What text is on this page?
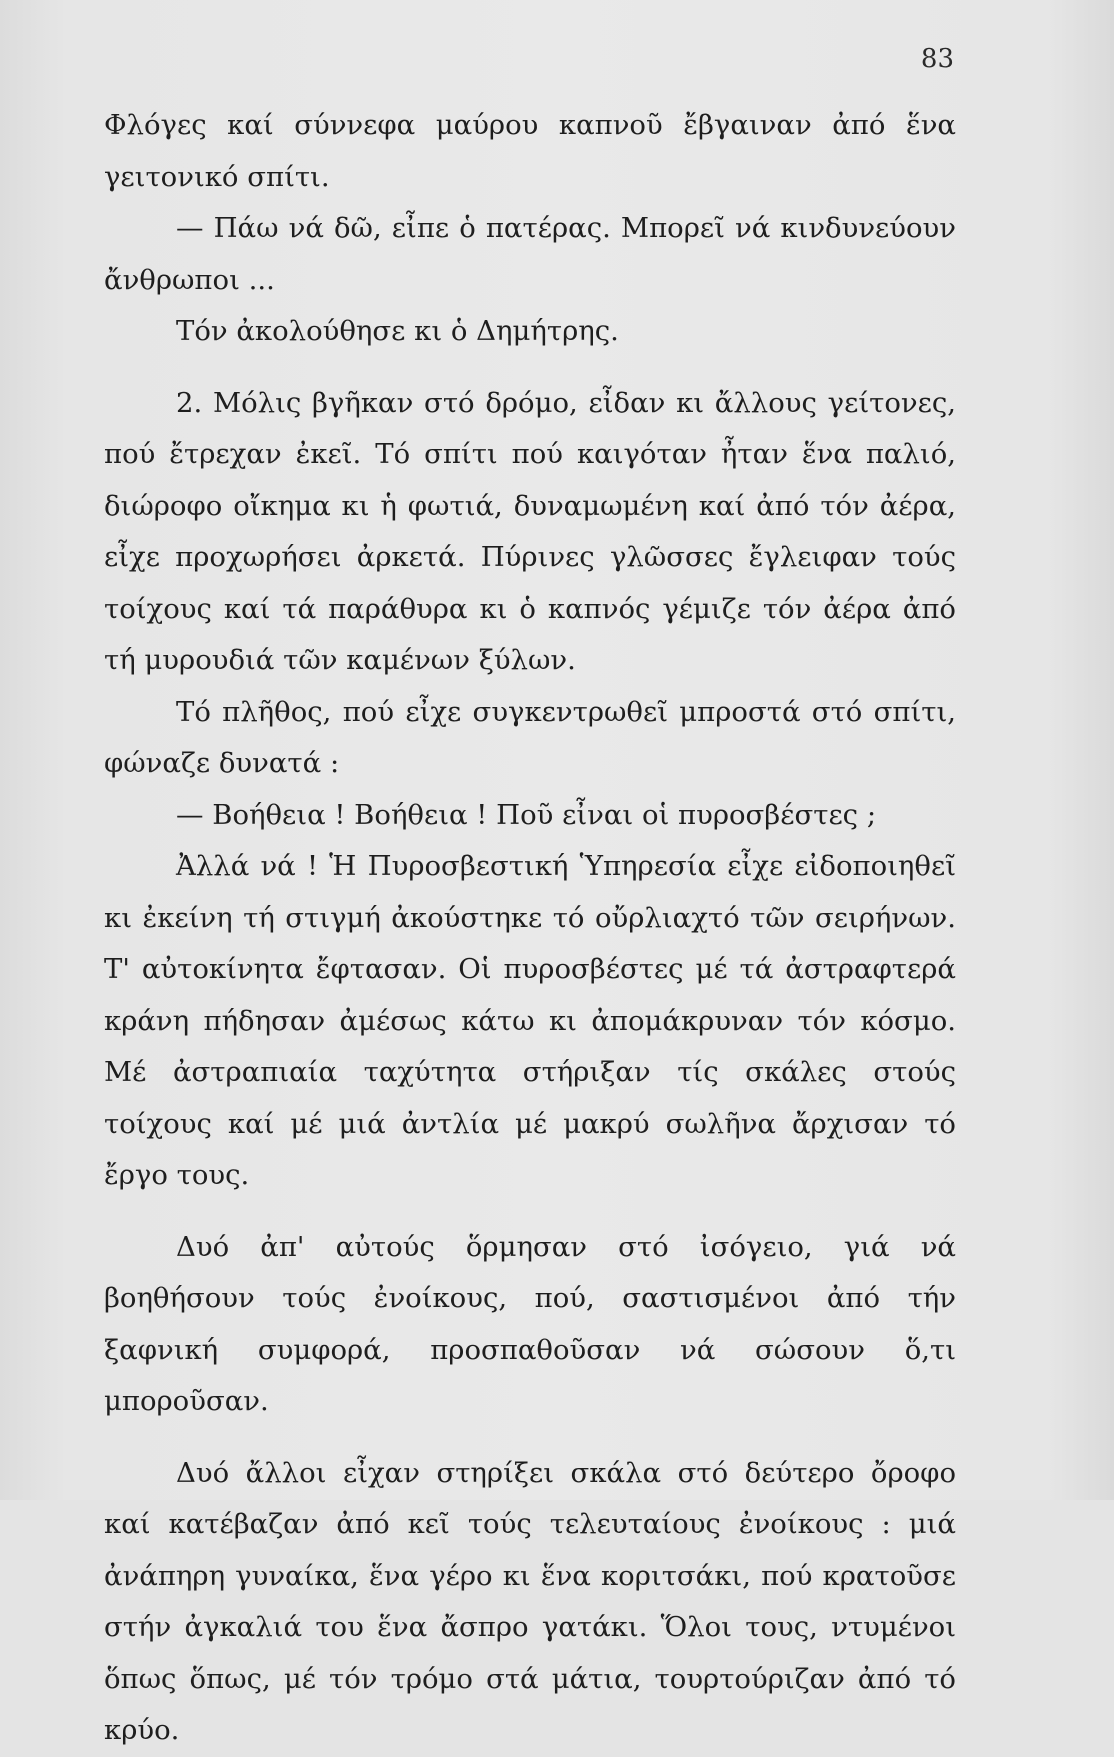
83

Φλόγες καί σύννεφα μαύρου καπνοῦ ἔβγαιναν ἀπό ἕνα γειτονικό σπίτι.

— Πάω νά δῶ, εἶπε ὁ πατέρας. Μπορεῖ νά κινδυνεύουν ἄνθρωποι ...

Τόν ἀκολούθησε κι ὁ Δημήτρης.

2. Μόλις βγῆκαν στό δρόμο, εἶδαν κι ἄλλους γείτονες, πού ἔτρεχαν ἐκεῖ. Τό σπίτι πού καιγόταν ἦταν ἕνα παλιό, διώροφο οἴκημα κι ἡ φωτιά, δυναμωμένη καί ἀπό τόν ἀέρα, εἶχε προχωρήσει ἀρκετά. Πύρινες γλῶσσες ἔγλειφαν τούς τοίχους καί τά παράθυρα κι ὁ καπνός γέμιζε τόν ἀέρα ἀπό τή μυρουδιά τῶν καμένων ξύλων.

Τό πλῆθος, πού εἶχε συγκεντρωθεῖ μπροστά στό σπίτι, φώναζε δυνατά :

— Βοήθεια ! Βοήθεια ! Ποῦ εἶναι οἱ πυροσβέστες ;

Ἀλλά νά ! Ἡ Πυροσβεστική Ὑπηρεσία εἶχε εἰδοποιηθεῖ κι ἐκείνη τή στιγμή ἀκούστηκε τό οὔρλιαχτό τῶν σειρήνων. Τ' αὐτοκίνητα ἔφτασαν. Οἱ πυροσβέστες μέ τά ἀστραφτερά κράνη πήδησαν ἀμέσως κάτω κι ἀπομάκρυναν τόν κόσμο. Μέ ἀστραπιαία ταχύτητα στήριξαν τίς σκάλες στούς τοίχους καί μέ μιά ἀντλία μέ μακρύ σωλῆνα ἄρχισαν τό ἔργο τους.

Δυό ἀπ' αὐτούς ὅρμησαν στό ἰσόγειο, γιά νά βοηθήσουν τούς ἐνοίκους, πού, σαστισμένοι ἀπό τήν ξαφνική συμφορά, προσπαθοῦσαν νά σώσουν ὅ,τι μποροῦσαν.

Δυό ἄλλοι εἶχαν στηρίξει σκάλα στό δεύτερο ὄροφο καί κατέβαζαν ἀπό κεῖ τούς τελευταίους ἐνοίκους : μιά ἀνάπηρη γυναίκα, ἕνα γέρο κι ἕνα κοριτσάκι, πού κρατοῦσε στήν ἀγκαλιά του ἕνα ἄσπρο γατάκι. Ὅλοι τους, ντυμένοι ὅπως ὅπως, μέ τόν τρόμο στά μάτια, τουρτούριζαν ἀπό τό κρύο.
